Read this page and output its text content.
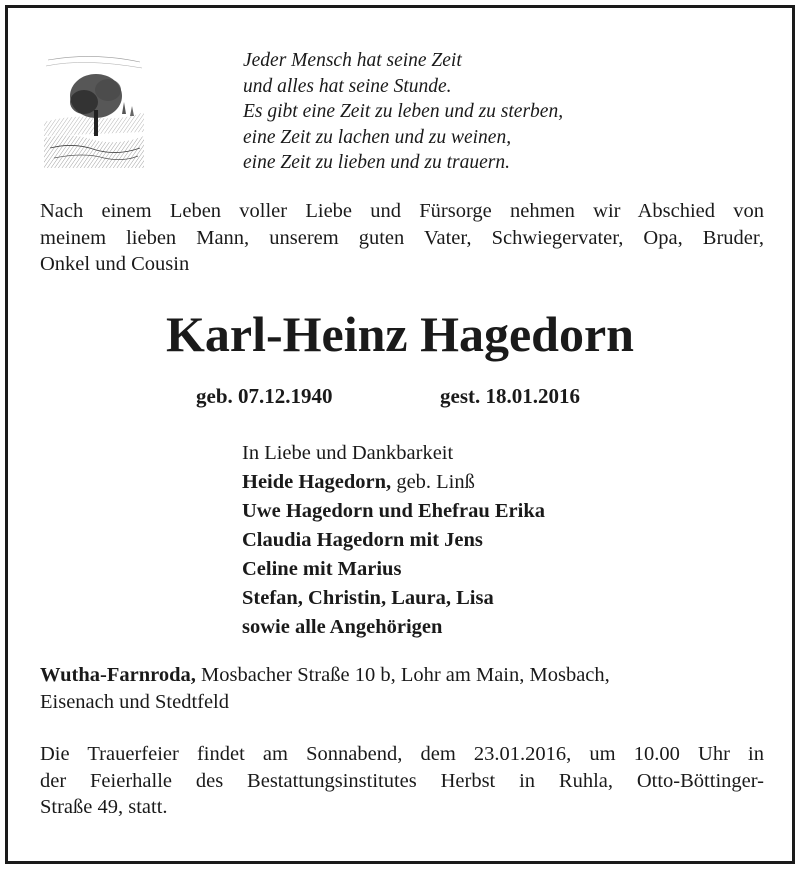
Jeder Mensch hat seine Zeit
und alles hat seine Stunde.
Es gibt eine Zeit zu leben und zu sterben,
eine Zeit zu lachen und zu weinen,
eine Zeit zu lieben und zu trauern.
Nach einem Leben voller Liebe und Fürsorge nehmen wir Abschied von
meinem lieben Mann, unserem guten Vater, Schwiegervater, Opa, Bruder,
Onkel und Cousin
Karl-Heinz Hagedorn
geb. 07.12.1940	gest. 18.01.2016
In Liebe und Dankbarkeit
Heide Hagedorn, geb. Linß
Uwe Hagedorn und Ehefrau Erika
Claudia Hagedorn mit Jens
Celine mit Marius
Stefan, Christin, Laura, Lisa
sowie alle Angehörigen
Wutha-Farnroda, Mosbacher Straße 10 b, Lohr am Main, Mosbach,
Eisenach und Stedtfeld
Die Trauerfeier findet am Sonnabend, dem 23.01.2016, um 10.00 Uhr in
der Feierhalle des Bestattungsinstitutes Herbst in Ruhla, Otto-Böttinger-
Straße 49, statt.
